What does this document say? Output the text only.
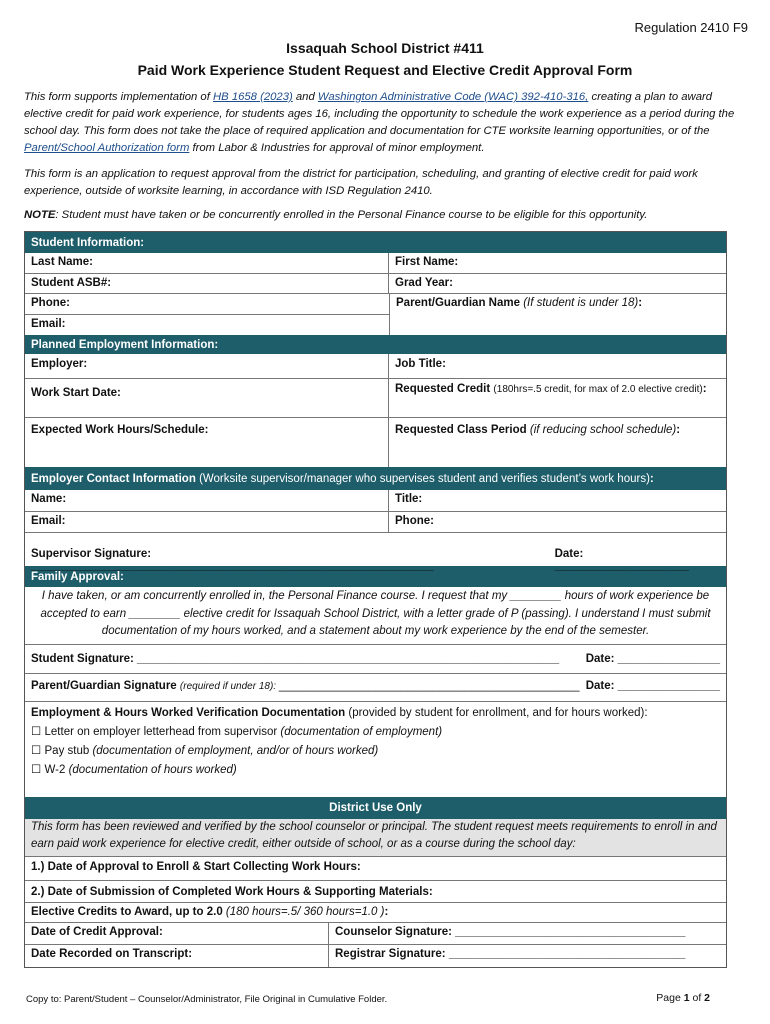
Regulation 2410 F9
Issaquah School District #411
Paid Work Experience Student Request and Elective Credit Approval Form
This form supports implementation of HB 1658 (2023) and Washington Administrative Code (WAC) 392-410-316, creating a plan to award elective credit for paid work experience, for students ages 16, including the opportunity to schedule the work experience as a period during the school day. This form does not take the place of required application and documentation for CTE worksite learning opportunities, or of the Parent/School Authorization form from Labor & Industries for approval of minor employment.
This form is an application to request approval from the district for participation, scheduling, and granting of elective credit for paid work experience, outside of worksite learning, in accordance with ISD Regulation 2410.
NOTE: Student must have taken or be concurrently enrolled in the Personal Finance course to be eligible for this opportunity.
Student Information:
Last Name:	First Name:
Student ASB#:	Grad Year:
Phone:
Email:
Parent/Guardian Name (If student is under 18):
Planned Employment Information:
Employer:	Job Title:
Work Start Date:	Requested Credit (180hrs=.5 credit, for max of 2.0 elective credit):
Expected Work Hours/Schedule:	Requested Class Period (if reducing school schedule):
Employer Contact Information
(Worksite supervisor/manager who supervises student and verifies student’s work hours) :
Name:	Title:
Email:	Phone:
Supervisor Signature: _______________________________________________________________
Date: _____________________
Family Approval:
I have taken, or am concurrently enrolled in, the Personal Finance course. I request that my ________ hours of work experience be accepted to earn ________ elective credit for Issaquah School District, with a letter grade of P (passing). I understand I must submit documentation of my hours worked, and a statement about my work experience by the end of the semester.
Student Signature: __________________________________________________________________ Date: ________________
Parent/Guardian Signature (required if under 18): _______________________________________________ Date: ________________
Employment & Hours Worked Verification Documentation (provided by student for enrollment, and for hours worked):
☐ Letter on employer letterhead from supervisor (documentation of employment)
☐ Pay stub (documentation of employment, and/or of hours worked)
☐ W-2 (documentation of hours worked)
District Use Only
This form has been reviewed and verified by the school counselor or principal. The student request meets requirements to enroll in and earn paid work experience for elective credit, either outside of school, or as a course during the school day:
1.) Date of Approval to Enroll & Start Collecting Work Hours:
2.) Date of Submission of Completed Work Hours & Supporting Materials:
Elective Credits to Award, up to 2.0 (180 hours=.5/ 360 hours=1.0 ):
Date of Credit Approval:	Counselor Signature: ____________________________________
Date Recorded on Transcript:	Registrar Signature: _____________________________________
Copy to: Parent/Student – Counselor/Administrator, File Original in Cumulative Folder.	Page 1 of 2
